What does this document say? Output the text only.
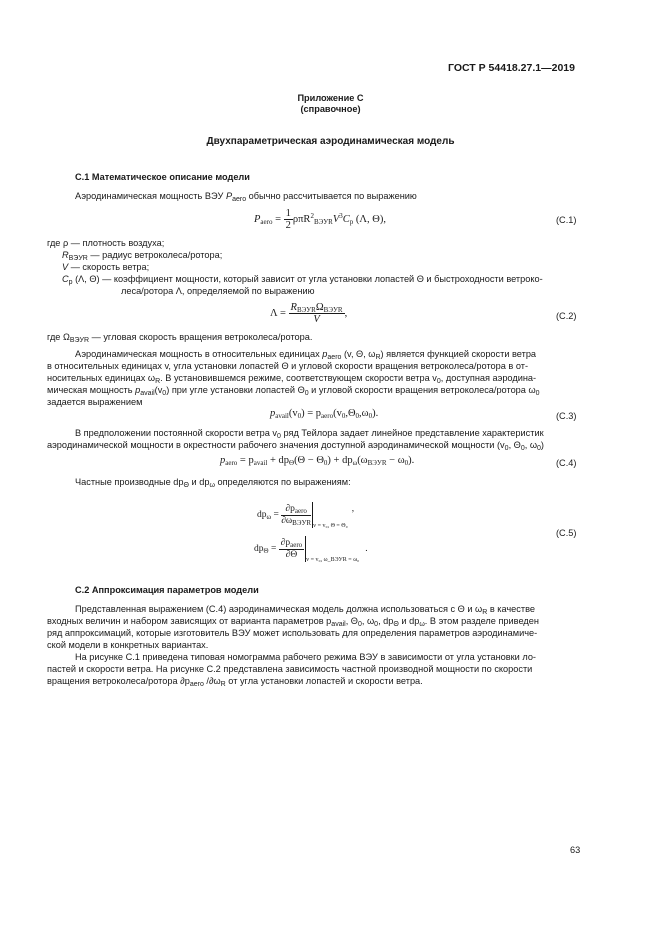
ГОСТ Р 54418.27.1—2019
Приложение С
(справочное)
Двухпараметрическая аэродинамическая модель
С.1 Математическое описание модели
Аэродинамическая мощность ВЭУ $P_{aero}$ обычно рассчитывается по выражению
$P_{aero} = \frac{1}{2} \rho\pi R^2_{ВЭУR}V^3C_p$ (Λ, Θ),	(С.1)
где ρ — плотность воздуха;
$R_{ВЭУR}$ — радиус ветроколеса/ротора;
V — скорость ветра;
$C_p$ (Λ, Θ) — коэффициент мощности, который зависит от угла установки лопастей Θ и быстроходности ветроко-
леса/ротора Λ, определяемой по выражению
$\Lambda = \frac{R_{ВЭУR}\Omega_{ВЭУR}}{V}$ ,	(С.2)
где $\Omega_{ВЭУR}$ — угловая скорость вращения ветроколеса/ротора.
Аэродинамическая мощность в относительных единицах $p_{aero}$ (v, Θ, $\omega_R$) является функцией скорости ветра
в относительных единицах v, угла установки лопастей Θ и угловой скорости вращения ветроколеса/ротора в от-
носительных единицах $\omega_R$. В установившемся режиме, соответствующем скорости ветра $v_0$, доступная аэродина-
мическая мощность $p_{avail}(v_0)$ при угле установки лопастей $\Theta_0$ и угловой скорости вращения ветроколеса/ротора $\omega_0$
задается выражением
$p_{avail}(v_0) = p_{aero}(v_0,\Theta_0,\omega_0)$.	(С.3)
В предположении постоянной скорости ветра $v_0$ ряд Тейлора задает линейное представление характеристик
аэродинамической мощности в окрестности рабочего значения доступной аэродинамической мощности ($v_0$, $\Theta_0$, $\omega_0$)
$p_{aero} = p_{avail} + dp_\Theta(\Theta - \Theta_0) + dp_\omega(\omega_{ВЭУR} - \omega_0)$.	(С.4)
Частные производные $dp_\Theta$ и $dp_\omega$ определяются по выражениям:
$dp_\omega = \frac{\partial p_{aero}}{\partial\omega_{ВЭУR}} _{v = v_0, \Theta = \Theta_0}$,
$dp_\Theta = \frac{\partial p_{aero}}{\partial\Theta} _{v = v_0, \omega\_ВЭУR = \omega_0}$.
(С.5)
С.2 Аппроксимация параметров модели
Представленная выражением (С.4) аэродинамическая модель должна использоваться с Θ и $\omega_R$ в качестве
входных величин и набором зависящих от варианта параметров $p_{avail}$, $\Theta_0$, $\omega_0$, $dp_\Theta$ и $dp_\omega$. В этом разделе приведен
ряд аппроксимаций, которые изготовитель ВЭУ может использовать для определения параметров аэродинамиче-
ской модели в конкретных вариантах.
На рисунке С.1 приведена типовая номограмма рабочего режима ВЭУ в зависимости от угла установки ло-
пастей и скорости ветра. На рисунке С.2 представлена зависимость частной производной мощности по скорости
вращения ветроколеса/ротора $\partial p_{aero}$ $/\partial\omega_R$ от угла установки лопастей и скорости ветра.
63
